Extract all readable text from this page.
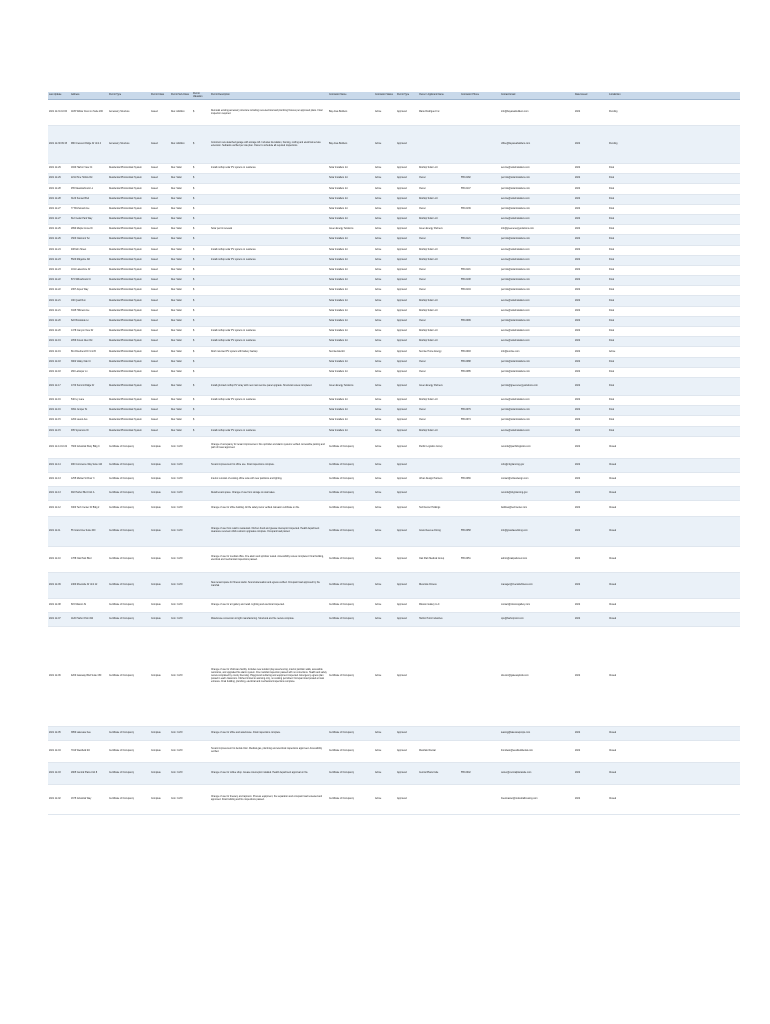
Last Update	Address	Permit Type	Permit Class	Permit Sub-Class	Permit Valuation	Permit Description	Contractor Name	Contractor Status	Permit Type	Owner / Applicant Name	Contractor Phone	Contact Email	Date Issued	Jurisdiction
2021 12-31 10:00	1105 Willow Crest Ln Suite 200	Accessory Structure	Issued	Res: Addition	$	Remodel existing accessory structure including new electrical and plumbing fixtures per approved plans. Final inspection required.	Bay Area Builders	Active	Approved	Marie Rodriguez Inc		info@bayareabuilders.com	2022	Pending
2021 12-30 09:15	980 Crescent Ridge Dr Unit 4	Accessory Structure	Issued	Res: Addition	$	Construct new detached garage with storage loft. Includes foundation, framing, roofing and electrical service extension. Setbacks verified per site plan. Owner to schedule all required inspections.	Bay Area Builders	Active	Approved			office@bayareabuilders.com	2022	Pending
2021 12-29	1840 Harbor View Ct	Residential Photovoltaic System	Issued	Res: Solar	$	Install rooftop solar PV system on residence	Solar Installers Inc	Active	Approved	Rooftop Solar LLC		service@solarinstallers.com	2022	Final
2021 12-29	2211 Pine Hollow Rd	Residential Photovoltaic System	Issued	Res: Solar	$		Solar Installers Inc	Active	Approved	Owner	555-0182	permits@solarinstallers.com	2022	Final
2021 12-28	455 Meadowbrook Ln	Residential Photovoltaic System	Issued	Res: Solar	$		Solar Installers Inc	Active	Approved	Owner	555-0147	permits@solarinstallers.com	2022	Final
2021 12-28	3120 Sunset Blvd	Residential Photovoltaic System	Issued	Res: Solar	$		Solar Installers Inc	Active	Approved	Rooftop Solar LLC		service@solarinstallers.com	2022	Final
2021 12-27	77 Birchwood Ave	Residential Photovoltaic System	Issued	Res: Solar	$		Solar Installers Inc	Active	Approved	Owner	555-0139	permits@solarinstallers.com	2022	Final
2021 12-27	612 Cedar Park Way	Residential Photovoltaic System	Issued	Res: Solar	$		Solar Installers Inc	Active	Approved	Rooftop Solar LLC		service@solarinstallers.com	2022	Final
2021 12-26	2890 Maple Grove Dr	Residential Photovoltaic System	Issued	Res: Solar	$	Solar permit renewal	Green Energy Solutions	Active	Approved	Green Energy Partners		info@greenenergysolutions.com	2022	Final
2021 12-26	1503 Oakmont Ter	Residential Photovoltaic System	Issued	Res: Solar	$		Solar Installers Inc	Active	Approved	Owner	555-0121	permits@solarinstallers.com	2022	Final
2021 12-24	408 Elm Street	Residential Photovoltaic System	Issued	Res: Solar	$	Install rooftop solar PV system on residence	Solar Installers Inc	Active	Approved	Rooftop Solar LLC		service@solarinstallers.com	2022	Final
2021 12-23	5520 Ridgeline Rd	Residential Photovoltaic System	Issued	Res: Solar	$	Install rooftop solar PV system on residence	Solar Installers Inc	Active	Approved	Rooftop Solar LLC		service@solarinstallers.com	2022	Final
2021 12-23	1011 Lakeshore Dr	Residential Photovoltaic System	Issued	Res: Solar	$		Solar Installers Inc	Active	Approved	Owner	555-0116	permits@solarinstallers.com	2022	Final
2021 12-22	874 Willowbrook Ct	Residential Photovoltaic System	Issued	Res: Solar	$		Solar Installers Inc	Active	Approved	Owner	555-0108	permits@solarinstallers.com	2022	Final
2021 12-22	2367 Aspen Way	Residential Photovoltaic System	Issued	Res: Solar	$		Solar Installers Inc	Active	Approved	Owner	555-0104	permits@solarinstallers.com	2022	Final
2021 12-21	190 Quail Run	Residential Photovoltaic System	Issued	Res: Solar	$		Solar Installers Inc	Active	Approved	Rooftop Solar LLC		service@solarinstallers.com	2022	Final
2021 12-21	3345 Hillcrest Ave	Residential Photovoltaic System	Issued	Res: Solar	$		Solar Installers Inc	Active	Approved	Rooftop Solar LLC		service@solarinstallers.com	2022	Final
2021 12-20	622 Brookside Ln	Residential Photovoltaic System	Issued	Res: Solar	$		Solar Installers Inc	Active	Approved	Owner	555-0099	permits@solarinstallers.com	2022	Final
2021 12-20	1478 Canyon View Dr	Residential Photovoltaic System	Issued	Res: Solar	$	Install rooftop solar PV system on residence	Solar Installers Inc	Active	Approved	Rooftop Solar LLC		service@solarinstallers.com	2022	Final
2021 12-19	2056 Forest Glen Rd	Residential Photovoltaic System	Issued	Res: Solar	$	Install rooftop solar PV system on residence	Solar Installers Inc	Active	Approved	Rooftop Solar LLC		service@solarinstallers.com	2022	Final
2021 12-19	811 Riverbend Dr Unit B	Residential Photovoltaic System	Issued	Res: Solar	$	Roof mounted PV system with battery backup	Sunrise Electric	Active	Approved	Sunrise Home Energy	555-0093	info@sunrise.com	2022	Active
2021 12-18	3902 Valley Oak Ct	Residential Photovoltaic System	Issued	Res: Solar	$		Solar Installers Inc	Active	Approved	Owner	555-0088	permits@solarinstallers.com	2022	Final
2021 12-18	266 Larkspur Ln	Residential Photovoltaic System	Issued	Res: Solar	$		Solar Installers Inc	Active	Approved	Owner	555-0085	permits@solarinstallers.com	2022	Final
2021 12-17	1720 Summit Ridge Dr	Residential Photovoltaic System	Issued	Res: Solar	$	Install grid-tied rooftop PV array with new main service panel upgrade. Structural review completed.	Green Energy Solutions	Active	Approved	Green Energy Partners		permits@greenenergysolutions.com	2022	Final
2021 12-16	540 Ivy Lane	Residential Photovoltaic System	Issued	Res: Solar	$	Install rooftop solar PV system on residence	Solar Installers Inc	Active	Approved	Rooftop Solar LLC		service@solarinstallers.com	2022	Final
2021 12-16	3091 Juniper St	Residential Photovoltaic System	Issued	Res: Solar	$		Solar Installers Inc	Active	Approved	Owner	555-0079	permits@solarinstallers.com	2022	Final
2021 12-15	1264 Laurel Ave	Residential Photovoltaic System	Issued	Res: Solar	$		Solar Installers Inc	Active	Approved	Owner	555-0074	permits@solarinstallers.com	2022	Final
2021 12-15	935 Sycamore Dr	Residential Photovoltaic System	Issued	Res: Solar	$	Install rooftop solar PV system on residence	Solar Installers Inc	Active	Approved	Rooftop Solar LLC		service@solarinstallers.com	2022	Final
2021 12-14 10:22	7600 Industrial Pkwy Bldg C	Certificate of Occupancy	Complete	Com: CofO		Change of occupancy for tenant improvement. Fire sprinkler and alarm systems verified. Accessible parking and path of travel approved.	Certificate of Occupancy	Active	Approved	Pacific Logistics Group		records@pacificlogistics.com	2022	Closed
2021 12-14	480 Commerce Way Suite 110	Certificate of Occupancy	Complete	Com: CofO		Tenant improvement for office use. Final inspections complete.	Certificate of Occupancy	Active	Approved			cofo@cityplanning.gov	2022	Closed
2021 12-13	1255 Market St Floor 3	Certificate of Occupancy	Complete	Com: CofO		Interior remodel of existing office suite with new partitions and lighting.	Certificate of Occupancy	Active	Approved	Urban Design Partners	555-0066	contact@urbandesign.com	2022	Closed
2021 12-13	902 Harbor Blvd Unit A	Certificate of Occupancy	Complete	Com: CofO		Retail tenant space. Change of use from storage to retail sales.	Certificate of Occupancy	Active	Approved			records@cityplanning.gov	2022	Closed
2021 12-12	3300 Tech Center Dr Bldg 2	Certificate of Occupancy	Complete	Com: CofO		Change of use for office building. All life safety items verified. Elevator certificate on file.	Certificate of Occupancy	Active	Approved	TechCenter Holdings		facilities@techcenter.com	2022	Closed
2021 12-11	55 Grand Ave Suite 400	Certificate of Occupancy	Complete	Com: CofO		Change of use from retail to restaurant. Kitchen hood and grease interceptor inspected. Health department clearance received. ADA restroom upgrades complete. Occupant load posted.	Certificate of Occupancy	Active	Approved	Grand Avenue Dining	555-0058	info@grandavedining.com	2022	Closed
2021 12-10	1788 Oak Park Blvd	Certificate of Occupancy	Complete	Com: CofO		Change of use for medical office. Fire alarm and sprinkler tested. Accessibility review completed. Final building, electrical and mechanical inspections passed.	Certificate of Occupancy	Active	Approved	Oak Park Medical Group	555-0051	admin@oakparkmed.com	2022	Closed
2021 12-09	2460 Riverside Dr Unit 12	Certificate of Occupancy	Complete	Com: CofO		New tenant space for fitness studio. Sound attenuation and egress verified. Occupant load approved by fire marshal.	Certificate of Occupancy	Active	Approved	Riverside Fitness		manager@riversidefitness.com	2022	Closed
2021 12-08	615 Mission St	Certificate of Occupancy	Complete	Com: CofO		Change of use for art gallery and retail. Lighting and electrical inspected.	Certificate of Occupancy	Active	Approved	Mission Gallery LLC		contact@missiongallery.com	2022	Closed
2021 12-07	1120 Harbor Point Rd	Certificate of Occupancy	Complete	Com: CofO		Warehouse conversion to light manufacturing. Structural and fire review complete.	Certificate of Occupancy	Active	Approved	Harbor Point Industries		ops@harborpoint.com	2022	Closed
2021 12-06	4200 Gateway Blvd Suite 150	Certificate of Occupancy	Complete	Com: CofO		Change of use for child care facility. Includes new outdoor play area fencing, interior partition walls, accessible restrooms, and upgraded fire alarm system. Fire marshal inspection passed with no corrections. Health and safety review completed by county licensing. Playground surfacing and equipment inspected. Emergency egress plan posted in each classroom. Kitchen limited to warming only, no cooking permitted. Occupant load posted at main entrance. Final building, plumbing, electrical and mechanical inspections complete.	Certificate of Occupancy	Active	Approved			director@gatewaykids.com	2022	Closed
2021 12-05	3850 Lakeview Ave	Certificate of Occupancy	Complete	Com: CofO		Change of use for office and warehouse. Final inspections complete.	Certificate of Occupancy	Active	Approved			leasing@lakeviewprops.com	2022	Closed
2021 12-04	7010 Westfield Rd	Certificate of Occupancy	Complete	Com: CofO		Tenant improvement for dental clinic. Medical gas, plumbing and electrical inspections approved. Accessibility verified.	Certificate of Occupancy	Active	Approved	Westfield Dental		frontdesk@westfielddental.com	2022	Closed
2021 12-03	2905 Central Plaza Unit 8	Certificate of Occupancy	Complete	Com: CofO		Change of use for coffee shop. Grease interceptor installed. Health department approval on file.	Certificate of Occupancy	Active	Approved	Central Plaza Cafe	555-0042	owner@centralplazacafe.com	2022	Closed
2021 12-02	1675 Industrial Way	Certificate of Occupancy	Complete	Com: CofO		Change of use for brewery and taproom. Process equipment, fire separation and occupant load reviewed and approved. Final building and fire inspections passed.	Certificate of Occupancy	Active	Approved			brewmaster@industrialbrewing.com	2022	Closed
